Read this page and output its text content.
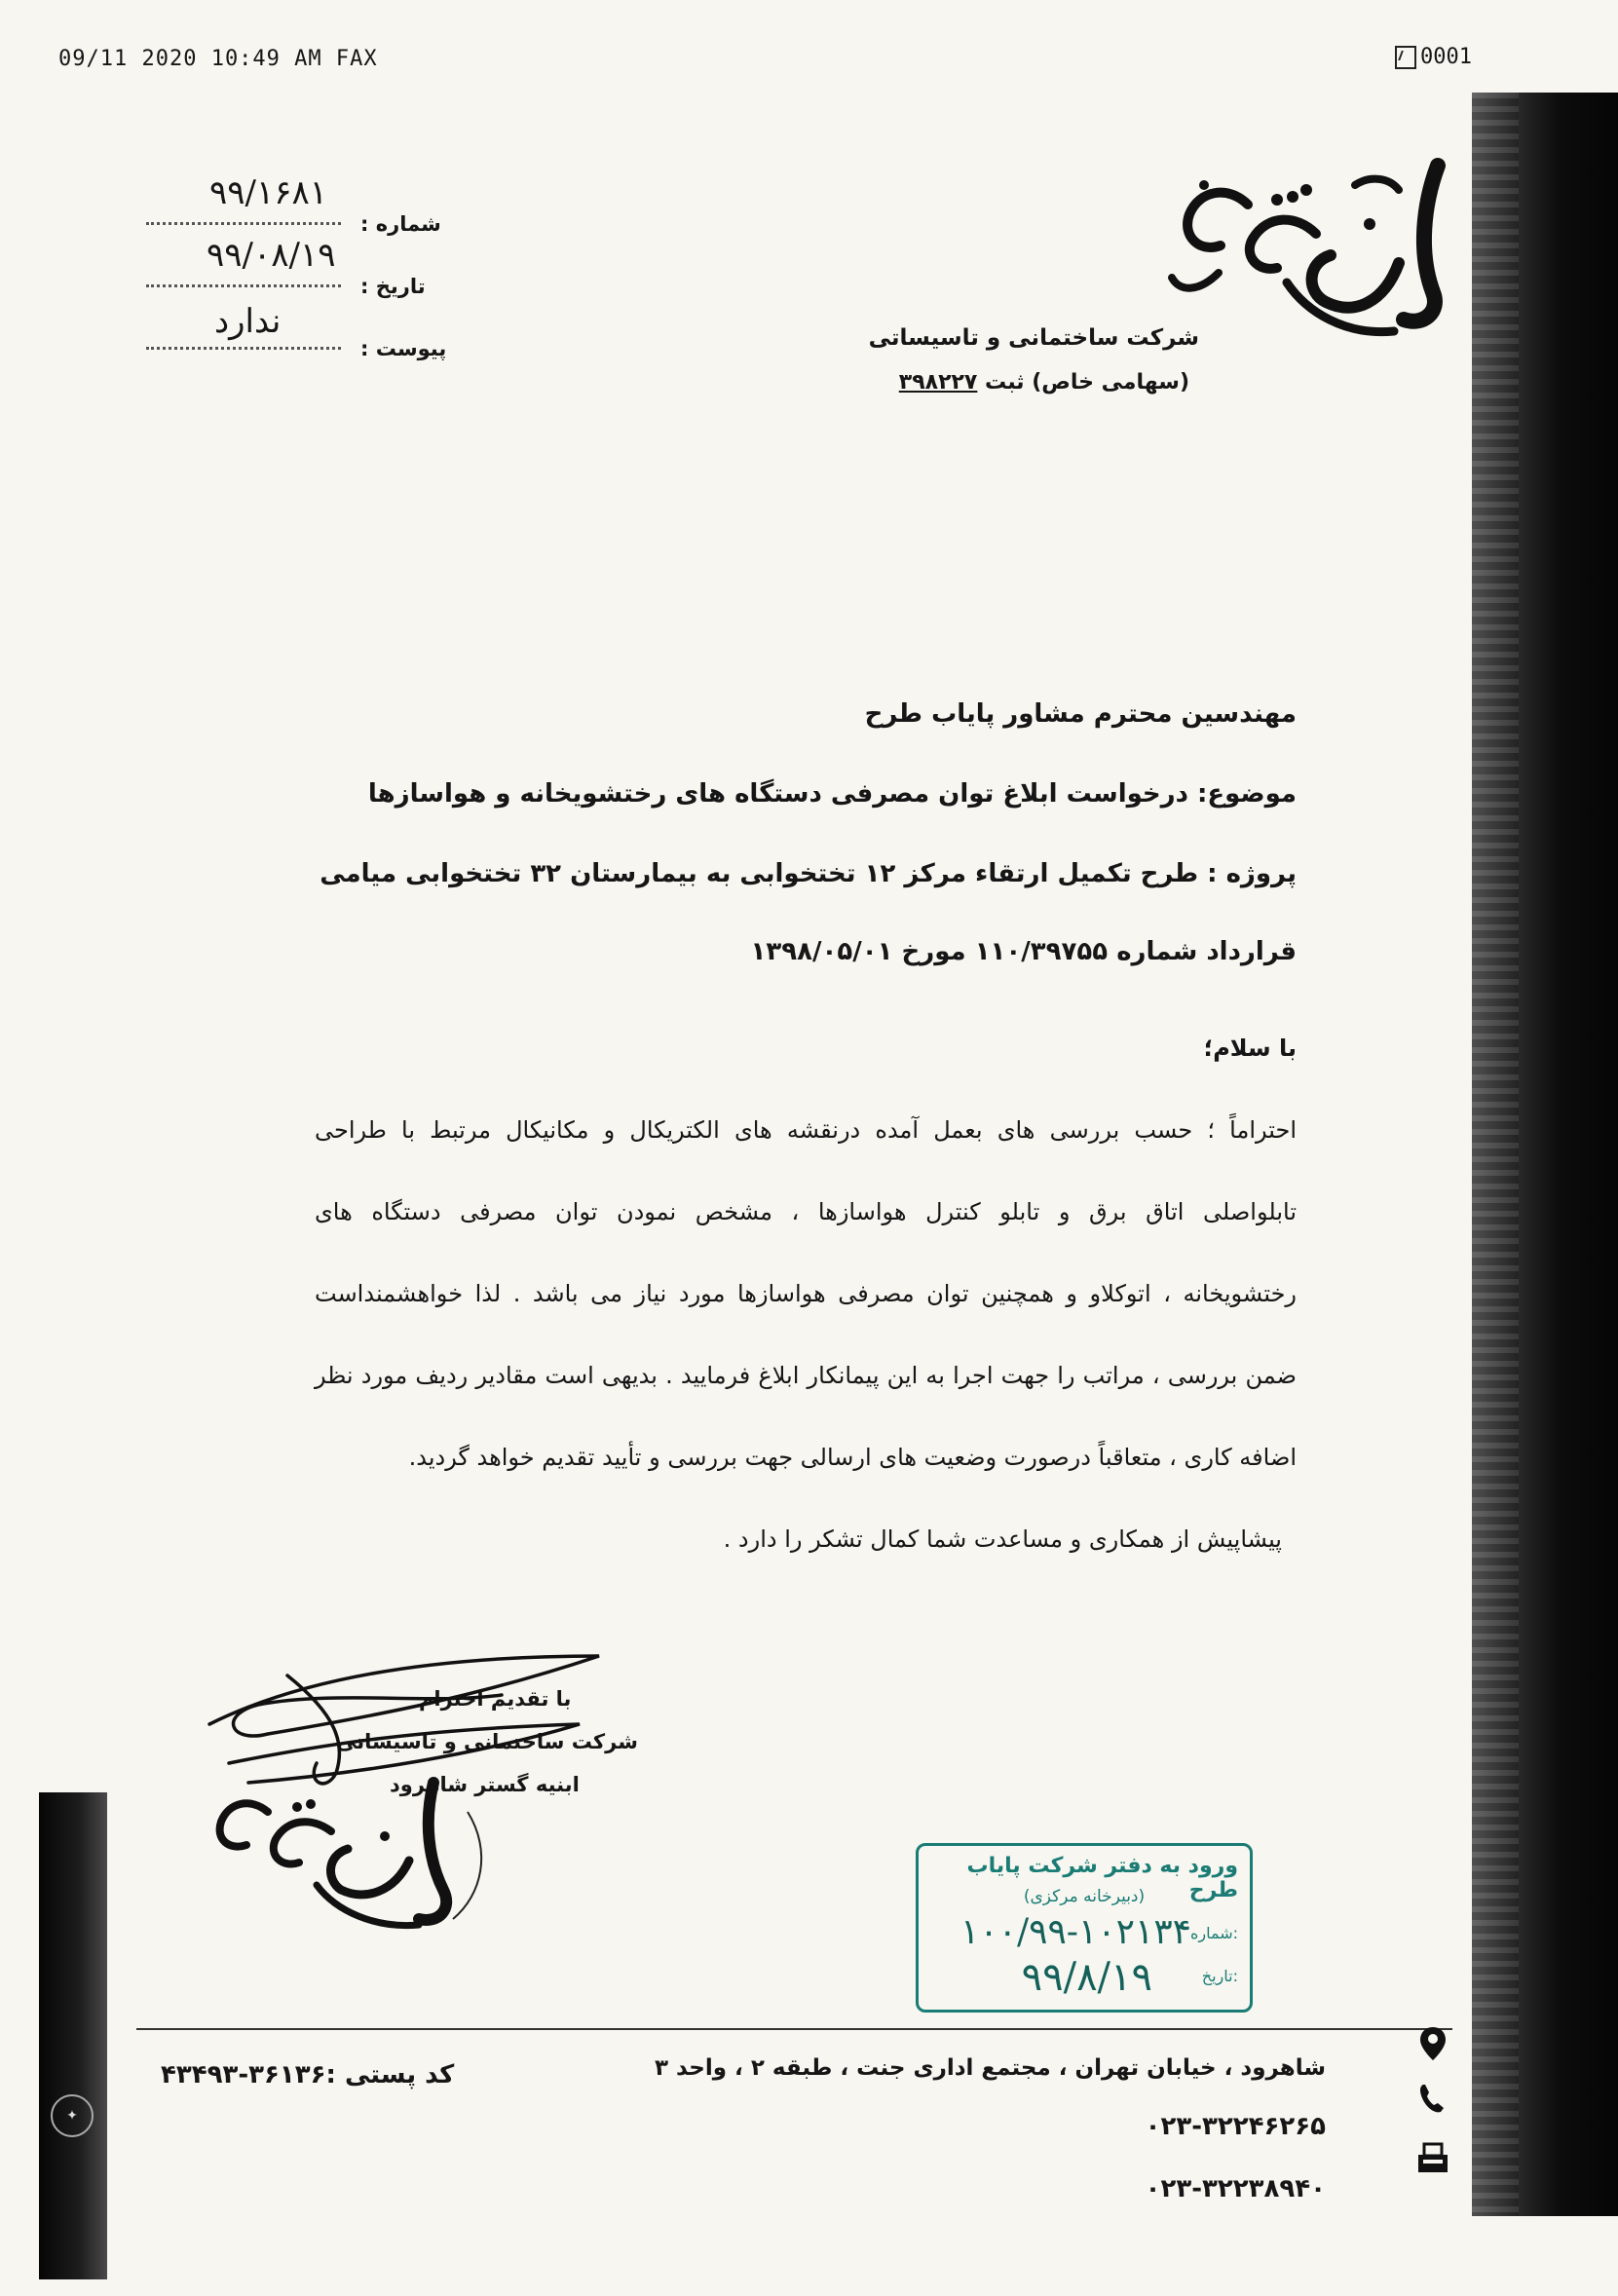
09/11 2020 10:49 AM FAX	0001
✦
شرکت ساختمانی و تاسیساتی
(سهامی خاص) ثبت ۳۹۸۲۲۷
شماره :
۹۹/۱۶۸۱
تاریخ :
۹۹/۰۸/۱۹
پیوست :
ندارد
مهندسین محترم مشاور پایاب طرح
موضوع: درخواست ابلاغ توان مصرفی دستگاه های رختشویخانه و هواسازها
پروژه : طرح تکمیل ارتقاء مرکز ۱۲ تختخوابی به بیمارستان ۳۲ تختخوابی میامی
قرارداد شماره ۱۱۰/۳۹۷۵۵ مورخ ۱۳۹۸/۰۵/۰۱
با سلام؛
احتراماً ؛ حسب بررسی های بعمل آمده درنقشه های الکتریکال و مکانیکال مرتبط با طراحی
تابلواصلی اتاق برق و تابلو کنترل هواسازها ، مشخص نمودن توان مصرفی دستگاه های
رختشویخانه ، اتوکلاو و همچنین توان مصرفی هواسازها مورد نیاز می باشد . لذا خواهشمنداست
ضمن بررسی ، مراتب را جهت اجرا به این پیمانکار ابلاغ فرمایید . بدیهی است مقادیر ردیف مورد نظر
اضافه کاری ، متعاقباً درصورت وضعیت های ارسالی جهت بررسی و تأیید تقدیم خواهد گردید.
پیشاپیش از همکاری و مساعدت شما کمال تشکر را دارد .
با تقدیم احترام
شرکت ساختمانی و تاسیساتی
ابنیه گستر شاهرود
ورود به دفتر شرکت پایاب طرح
(دبیرخانه مرکزی)
شماره:
۱۰۰/۹۹-۱۰۲۱۳۴
تاریخ:
۹۹/۸/۱۹
شاهرود ، خیابان تهران ، مجتمع اداری جنت ، طبقه ۲ ، واحد ۳
کد پستی :۳۶۱۳۶-۴۳۴۹۳
۰۲۳-۳۲۲۴۶۲۶۵
۰۲۳-۳۲۲۳۸۹۴۰
